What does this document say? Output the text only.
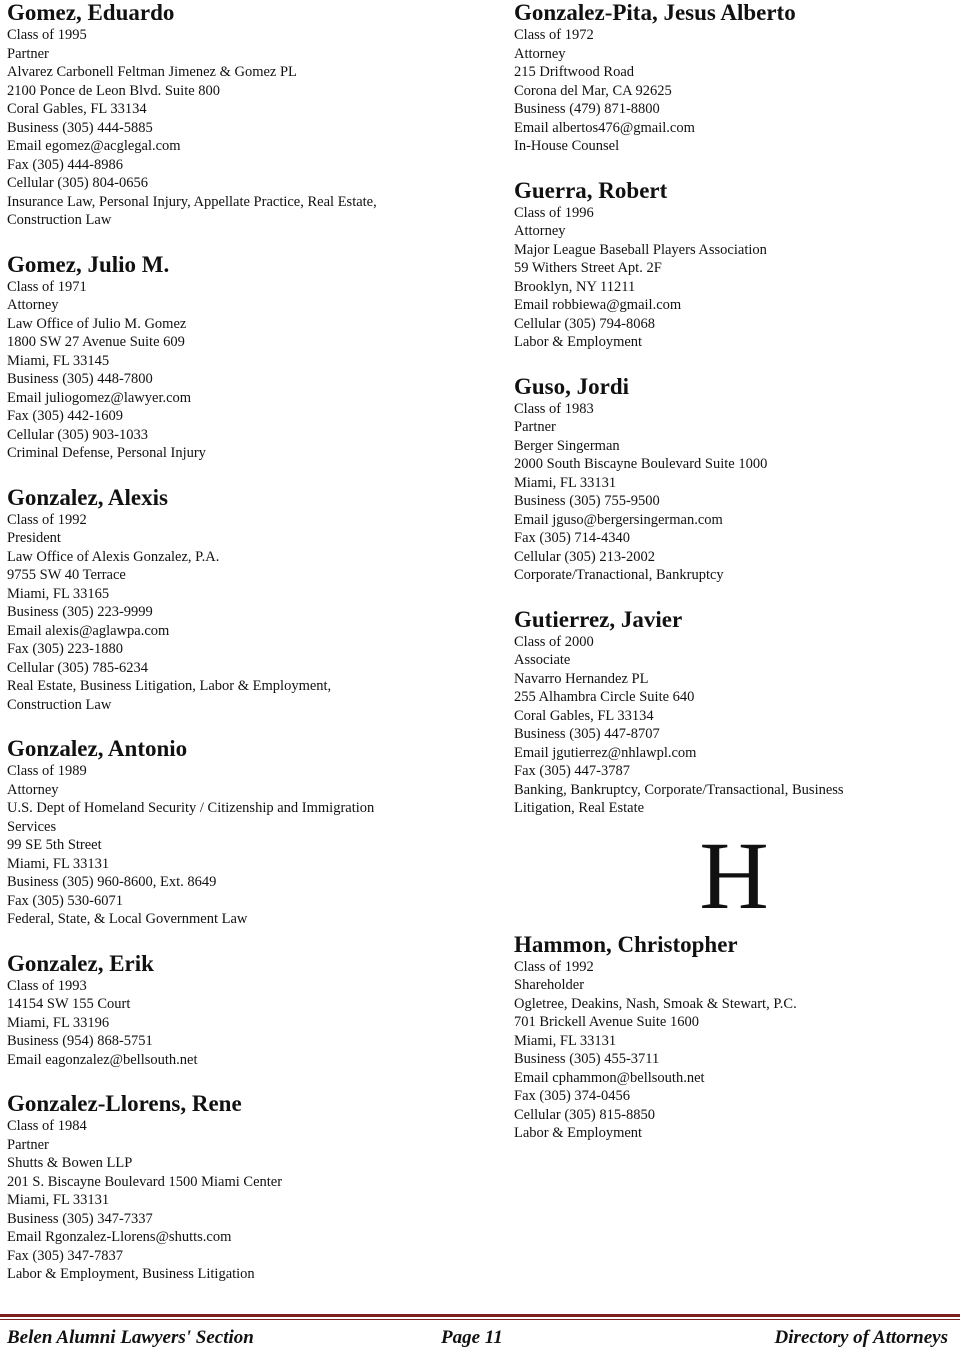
Gomez, Eduardo
Class of 1995
Partner
Alvarez Carbonell Feltman Jimenez & Gomez PL
2100 Ponce de Leon Blvd. Suite 800
Coral Gables, FL 33134
Business (305) 444-5885
Email egomez@acglegal.com
Fax (305) 444-8986
Cellular (305) 804-0656
Insurance Law, Personal Injury, Appellate Practice, Real Estate,
Construction Law
Gomez, Julio M.
Class of 1971
Attorney
Law Office of Julio M. Gomez
1800 SW 27 Avenue Suite 609
Miami, FL 33145
Business (305) 448-7800
Email juliogomez@lawyer.com
Fax (305) 442-1609
Cellular (305) 903-1033
Criminal Defense, Personal Injury
Gonzalez, Alexis
Class of 1992
President
Law Office of Alexis Gonzalez, P.A.
9755 SW 40 Terrace
Miami, FL 33165
Business (305) 223-9999
Email alexis@aglawpa.com
Fax (305) 223-1880
Cellular (305) 785-6234
Real Estate, Business Litigation, Labor & Employment,
Construction Law
Gonzalez, Antonio
Class of 1989
Attorney
U.S. Dept of Homeland Security / Citizenship and Immigration
Services
99 SE 5th Street
Miami, FL 33131
Business (305) 960-8600, Ext. 8649
Fax (305) 530-6071
Federal, State, & Local Government Law
Gonzalez, Erik
Class of 1993
14154 SW 155 Court
Miami, FL 33196
Business (954) 868-5751
Email eagonzalez@bellsouth.net
Gonzalez-Llorens, Rene
Class of 1984
Partner
Shutts & Bowen LLP
201 S. Biscayne Boulevard 1500 Miami Center
Miami, FL 33131
Business (305) 347-7337
Email Rgonzalez-Llorens@shutts.com
Fax (305) 347-7837
Labor & Employment, Business Litigation
Gonzalez-Pita, Jesus Alberto
Class of 1972
Attorney
215 Driftwood Road
Corona del Mar, CA 92625
Business (479) 871-8800
Email albertos476@gmail.com
In-House Counsel
Guerra, Robert
Class of 1996
Attorney
Major League Baseball Players Association
59 Withers Street Apt. 2F
Brooklyn, NY 11211
Email robbiewa@gmail.com
Cellular (305) 794-8068
Labor & Employment
Guso, Jordi
Class of 1983
Partner
Berger Singerman
2000 South Biscayne Boulevard Suite 1000
Miami, FL 33131
Business (305) 755-9500
Email jguso@bergersingerman.com
Fax (305) 714-4340
Cellular (305) 213-2002
Corporate/Tranactional, Bankruptcy
Gutierrez, Javier
Class of 2000
Associate
Navarro Hernandez PL
255 Alhambra Circle Suite 640
Coral Gables, FL 33134
Business (305) 447-8707
Email jgutierrez@nhlawpl.com
Fax (305) 447-3787
Banking, Bankruptcy, Corporate/Transactional, Business
Litigation, Real Estate
H
Hammon, Christopher
Class of 1992
Shareholder
Ogletree, Deakins, Nash, Smoak & Stewart, P.C.
701 Brickell Avenue Suite 1600
Miami, FL 33131
Business (305) 455-3711
Email cphammon@bellsouth.net
Fax (305) 374-0456
Cellular (305) 815-8850
Labor & Employment
Belen Alumni Lawyers' Section	Page 11	Directory of Attorneys
